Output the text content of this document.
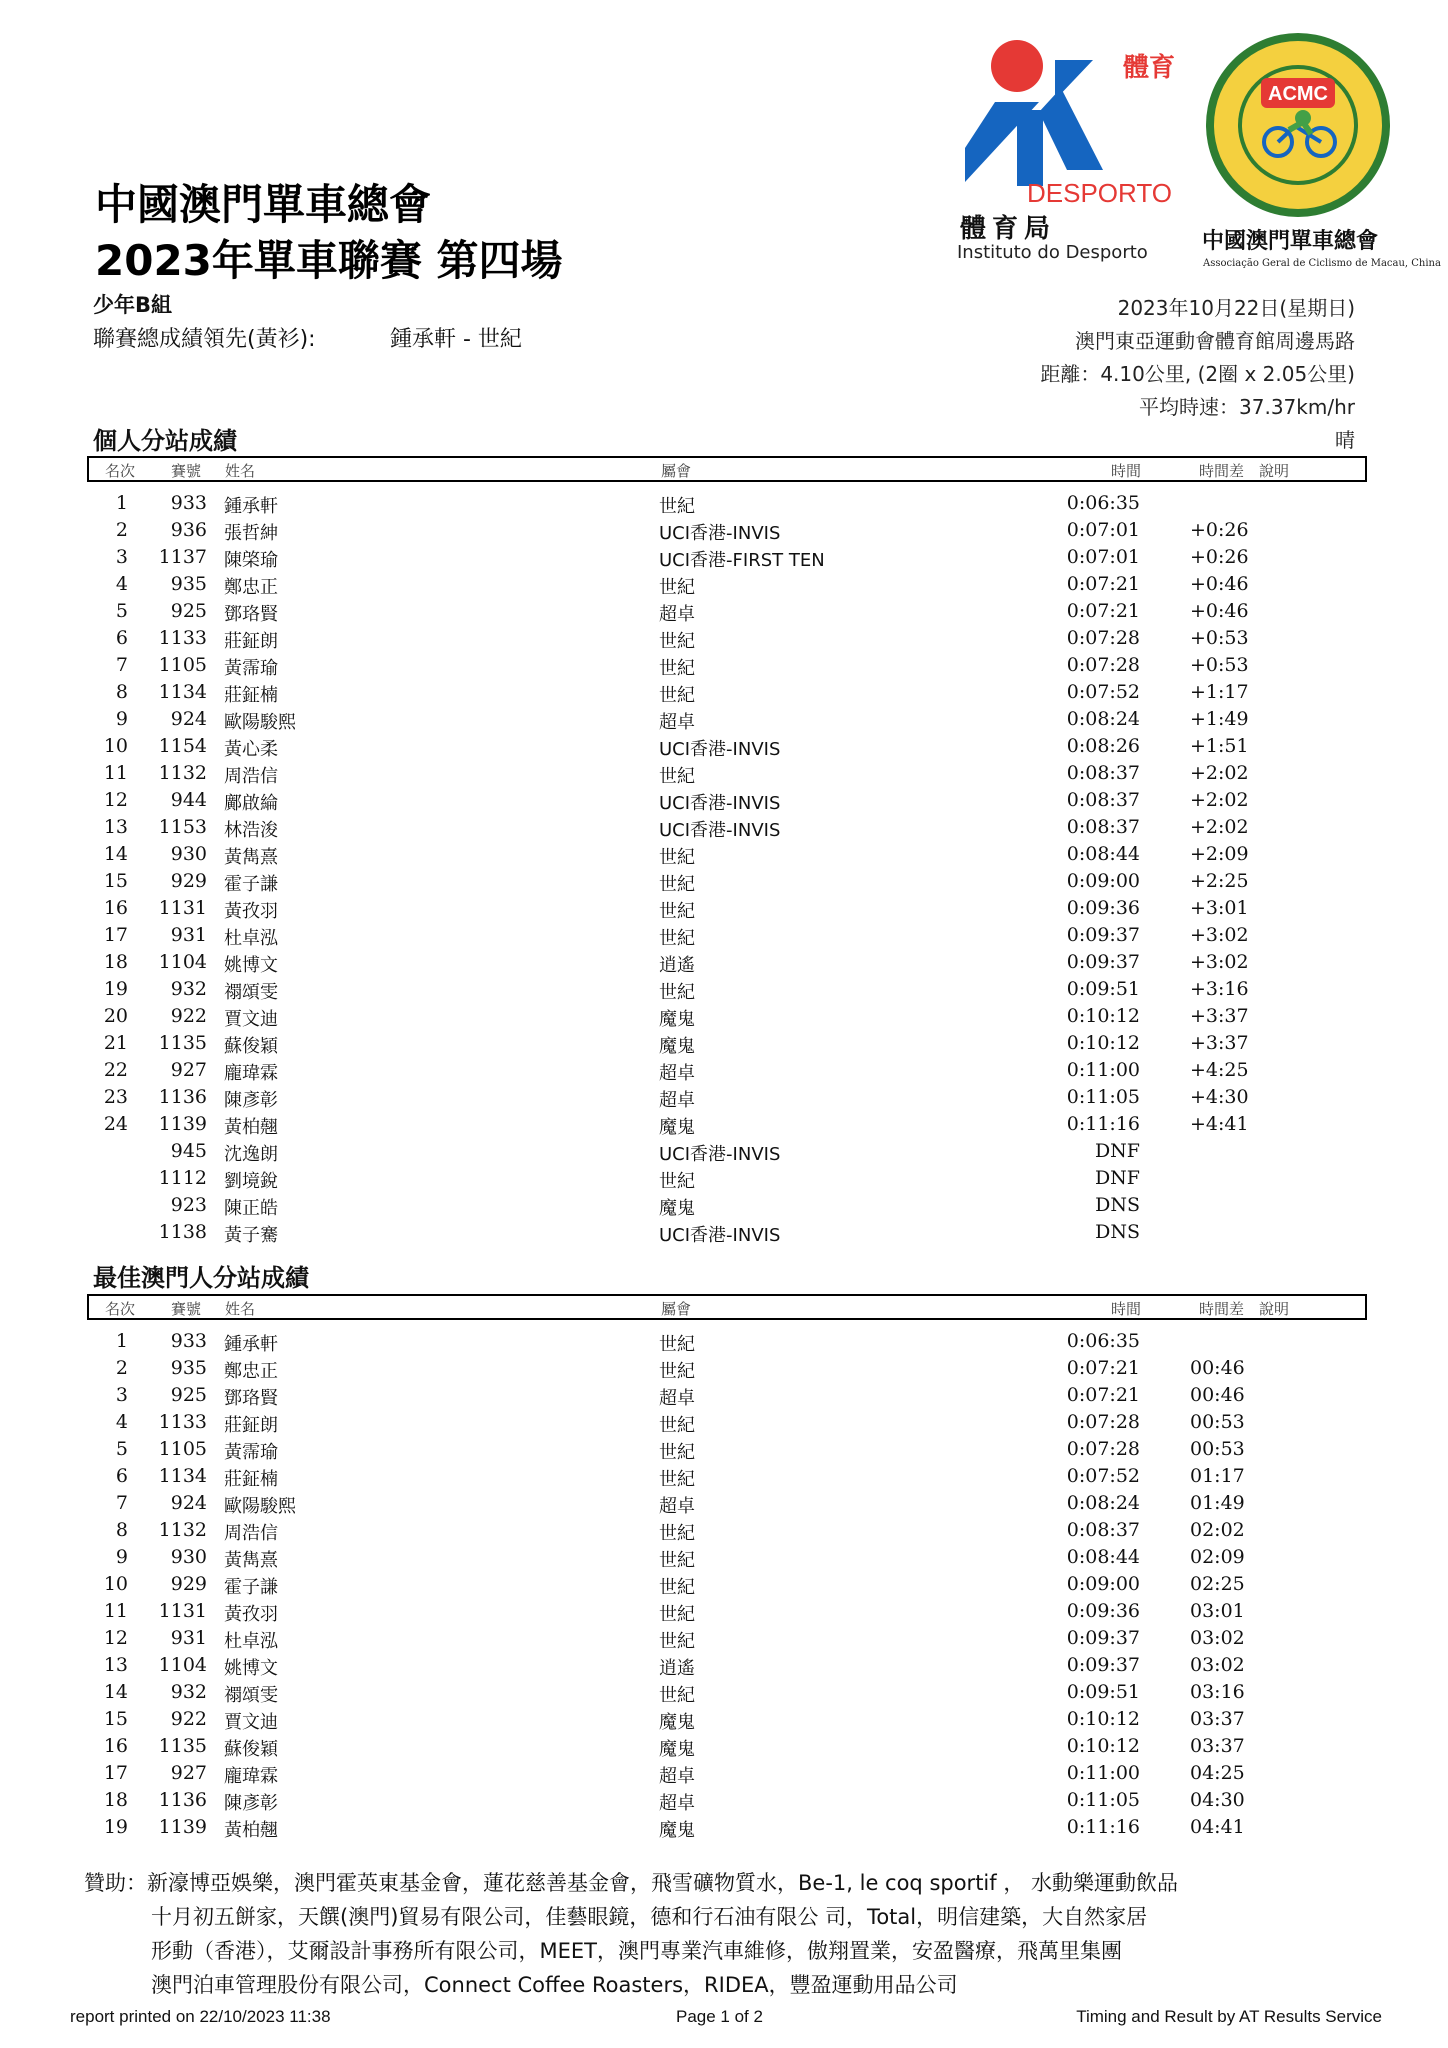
中國澳門單車總會
2023年單車聯賽 第四場
少年B組
聯賽總成績領先(黃衫):	鍾承軒 - 世紀
2023年10月22日(星期日)
澳門東亞運動會體育館周邊馬路
距離：4.10公里, (2圈 x 2.05公里)
平均時速：37.37km/hr
晴
體育
DESPORTO
體育局
Instituto do Desporto
ACMC
中國澳門單車總會
Associação Geral de Ciclismo de Macau, China
個人分站成績
名次 賽號 姓名	屬會	時間	時間差 說明
1	933 鍾承軒	世紀	0:06:35
2	936 張哲紳	UCI香港-INVIS	0:07:01	+0:26
3	1137 陳棨瑜	UCI香港-FIRST TEN	0:07:01	+0:26
4	935 鄭忠正	世紀	0:07:21	+0:46
5	925 鄧珞賢	超卓	0:07:21	+0:46
6	1133 莊鉦朗	世紀	0:07:28	+0:53
7	1105 黃霈瑜	世紀	0:07:28	+0:53
8	1134 莊鉦楠	世紀	0:07:52	+1:17
9	924 歐陽駿熙	超卓	0:08:24	+1:49
10	1154 黃心柔	UCI香港-INVIS	0:08:26	+1:51
11	1132 周浩信	世紀	0:08:37	+2:02
12	944 鄺啟綸	UCI香港-INVIS	0:08:37	+2:02
13	1153 林浩浚	UCI香港-INVIS	0:08:37	+2:02
14	930 黃雋熹	世紀	0:08:44	+2:09
15	929 霍子謙	世紀	0:09:00	+2:25
16	1131 黃孜羽	世紀	0:09:36	+3:01
17	931 杜卓泓	世紀	0:09:37	+3:02
18	1104 姚博文	逍遙	0:09:37	+3:02
19	932 禤頌雯	世紀	0:09:51	+3:16
20	922 賈文迪	魔鬼	0:10:12	+3:37
21	1135 蘇俊穎	魔鬼	0:10:12	+3:37
22	927 龐瑋霖	超卓	0:11:00	+4:25
23	1136 陳彥彰	超卓	0:11:05	+4:30
24	1139 黃柏翹	魔鬼	0:11:16	+4:41
945 沈逸朗	UCI香港-INVIS	DNF
1112 劉境銳	世紀	DNF
923 陳正皓	魔鬼	DNS
1138 黃子騫	UCI香港-INVIS	DNS
最佳澳門人分站成績
名次 賽號 姓名	屬會	時間	時間差 說明
1	933 鍾承軒	世紀	0:06:35
2	935 鄭忠正	世紀	0:07:21	00:46
3	925 鄧珞賢	超卓	0:07:21	00:46
4	1133 莊鉦朗	世紀	0:07:28	00:53
5	1105 黃霈瑜	世紀	0:07:28	00:53
6	1134 莊鉦楠	世紀	0:07:52	01:17
7	924 歐陽駿熙	超卓	0:08:24	01:49
8	1132 周浩信	世紀	0:08:37	02:02
9	930 黃雋熹	世紀	0:08:44	02:09
10	929 霍子謙	世紀	0:09:00	02:25
11	1131 黃孜羽	世紀	0:09:36	03:01
12	931 杜卓泓	世紀	0:09:37	03:02
13	1104 姚博文	逍遙	0:09:37	03:02
14	932 禤頌雯	世紀	0:09:51	03:16
15	922 賈文迪	魔鬼	0:10:12	03:37
16	1135 蘇俊穎	魔鬼	0:10:12	03:37
17	927 龐瑋霖	超卓	0:11:00	04:25
18	1136 陳彥彰	超卓	0:11:05	04:30
19	1139 黃柏翹	魔鬼	0:11:16	04:41
贊助：新濠博亞娛樂，澳門霍英東基金會，蓮花慈善基金會，飛雪礦物質水，Be-1, le coq sportif ， 水動樂運動飲品
十月初五餅家，天饌(澳門)貿易有限公司，佳藝眼鏡，德和行石油有限公 司，Total，明信建築，大自然家居
形動（香港），艾爾設計事務所有限公司，MEET，澳門專業汽車維修，傲翔置業，安盈醫療，飛萬里集團
澳門泊車管理股份有限公司，Connect Coffee Roasters，RIDEA，豐盈運動用品公司
report printed on 22/10/2023 11:38	Page 1 of 2	Timing and Result by AT Results Service
